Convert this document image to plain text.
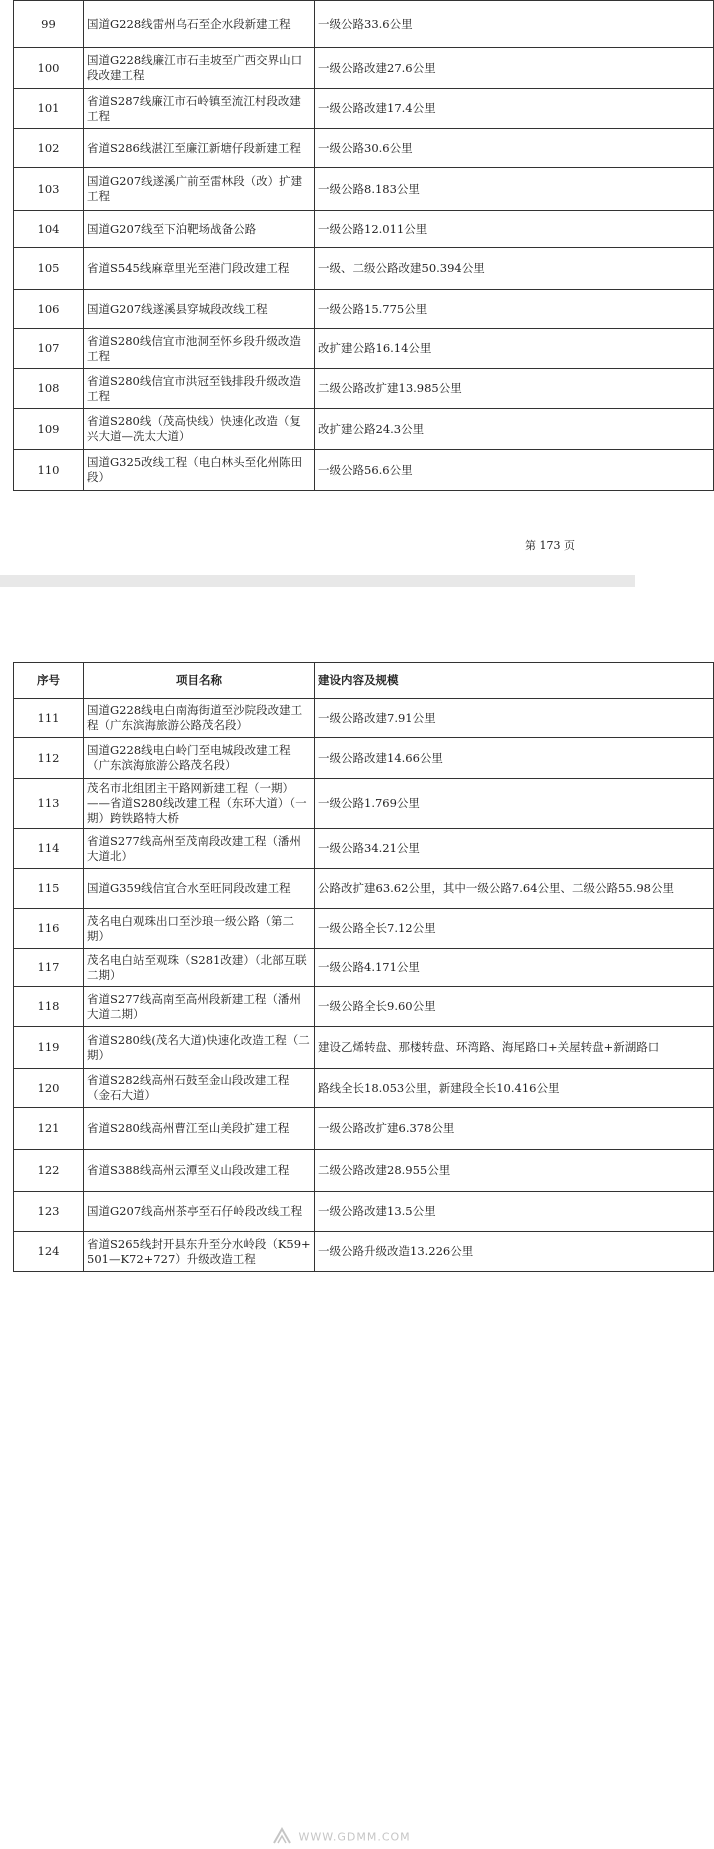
99	国道G228线雷州乌石至企水段新建工程	一级公路33.6公里
100	国道G228线廉江市石圭坡至广西交界山口段改建工程	一级公路改建27.6公里
101	省道S287线廉江市石岭镇至流江村段改建工程	一级公路改建17.4公里
102	省道S286线湛江至廉江新塘仔段新建工程	一级公路30.6公里
103	国道G207线遂溪广前至雷林段（改）扩建工程	一级公路8.183公里
104	国道G207线至下泊靶场战备公路	一级公路12.011公里
105	省道S545线麻章里光至港门段改建工程	一级、二级公路改建50.394公里
106	国道G207线遂溪县穿城段改线工程	一级公路15.775公里
107	省道S280线信宜市池洞至怀乡段升级改造工程	改扩建公路16.14公里
108	省道S280线信宜市洪冠至钱排段升级改造工程	二级公路改扩建13.985公里
109	省道S280线（茂高快线）快速化改造（复兴大道—冼太大道）	改扩建公路24.3公里
110	国道G325改线工程（电白林头至化州陈田段）	一级公路56.6公里
第 173 页
序号	项目名称	建设内容及规模
111	国道G228线电白南海街道至沙院段改建工程（广东滨海旅游公路茂名段）	一级公路改建7.91公里
112	国道G228线电白岭门至电城段改建工程（广东滨海旅游公路茂名段）	一级公路改建14.66公里
113	茂名市北组团主干路网新建工程（一期）——省道S280线改建工程（东环大道）（一期）跨铁路特大桥	一级公路1.769公里
114	省道S277线高州至茂南段改建工程（潘州大道北）	一级公路34.21公里
115	国道G359线信宜合水至旺同段改建工程	公路改扩建63.62公里，其中一级公路7.64公里、二级公路55.98公里
116	茂名电白观珠出口至沙琅一级公路（第二期）	一级公路全长7.12公里
117	茂名电白站至观珠（S281改建）（北部互联二期）	一级公路4.171公里
118	省道S277线高南至高州段新建工程（潘州大道二期）	一级公路全长9.60公里
119	省道S280线(茂名大道)快速化改造工程（二期）	建设乙烯转盘、那楼转盘、环湾路、海尾路口+关屋转盘+新湖路口
120	省道S282线高州石鼓至金山段改建工程（金石大道）	路线全长18.053公里，新建段全长10.416公里
121	省道S280线高州曹江至山美段扩建工程	一级公路改扩建6.378公里
122	省道S388线高州云潭至义山段改建工程	二级公路改建28.955公里
123	国道G207线高州茶亭至石仔岭段改线工程	一级公路改建13.5公里
124	省道S265线封开县东升至分水岭段（K59+501—K72+727）升级改造工程	一级公路升级改造13.226公里
WWW.GDMM.COM
